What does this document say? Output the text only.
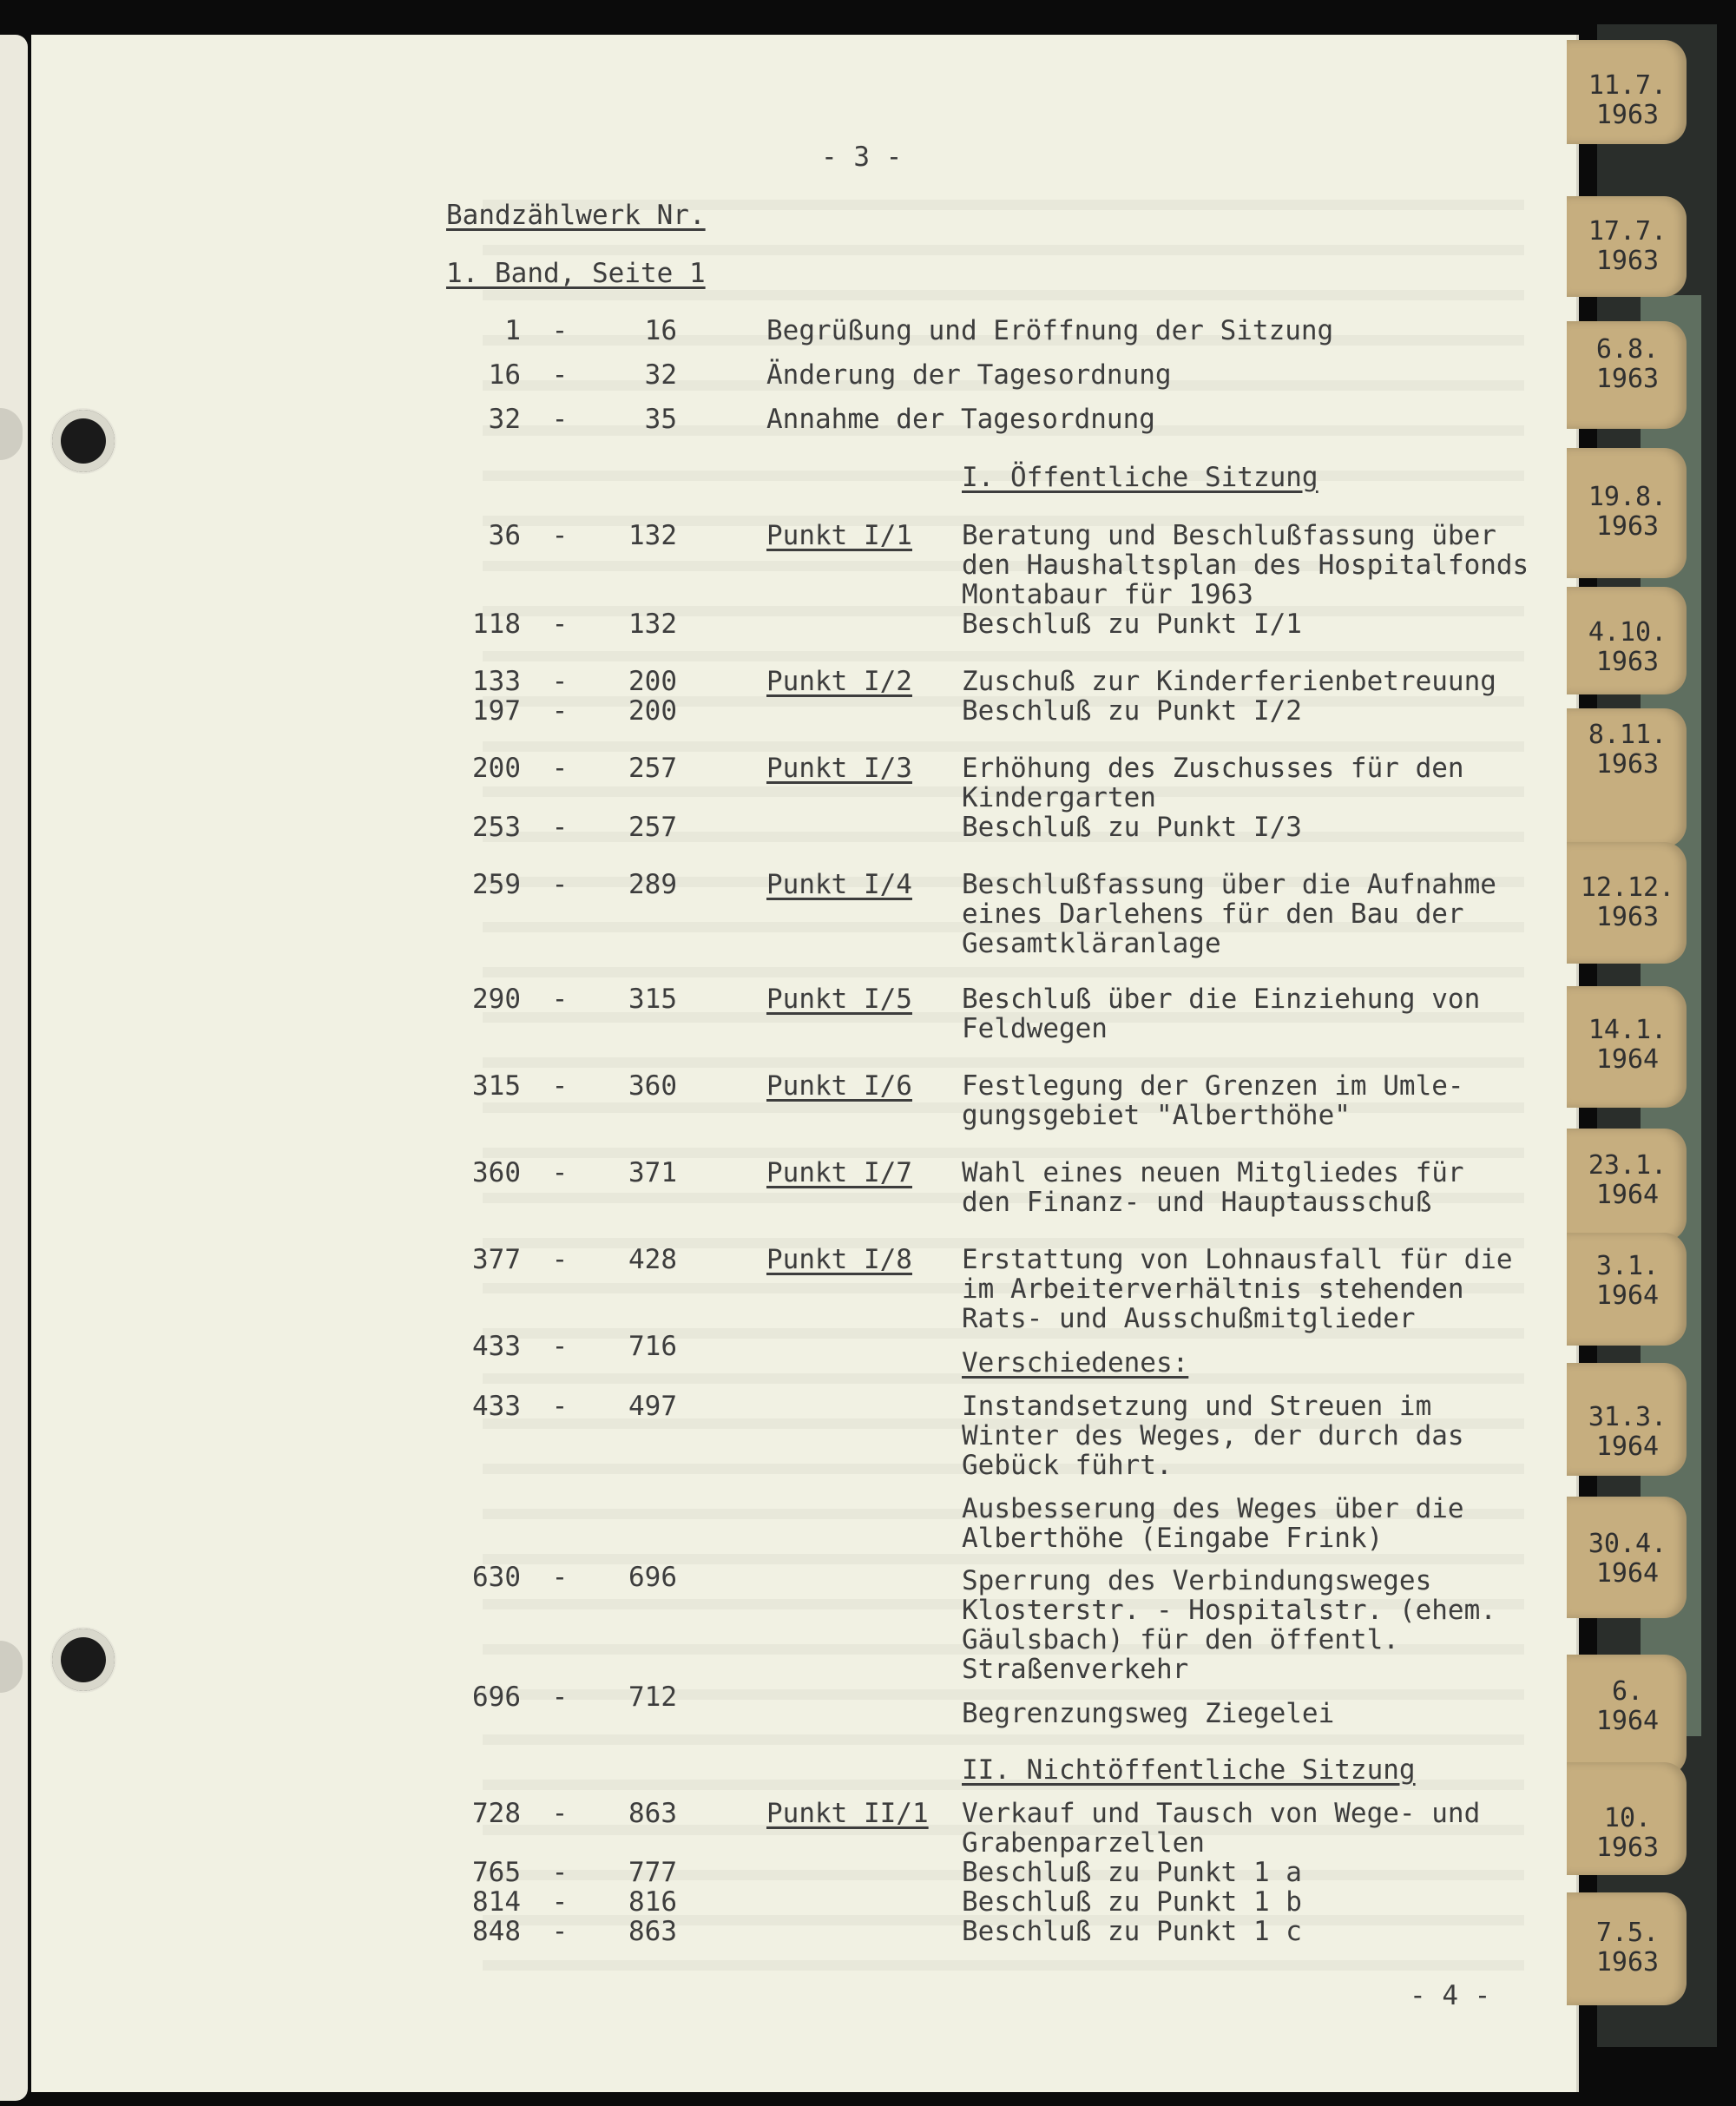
- 3 -
Bandzählwerk Nr.
1. Band, Seite 1
1 -	16	Begrüßung und Eröffnung der Sitzung
16 -	32	Änderung der Tagesordnung
32 -	35	Annahme der Tagesordnung
I. Öffentliche Sitzung
36 -	132	Punkt I/1 Beratung und Beschlußfassung über
den Haushaltsplan des Hospitalfonds
Montabaur für 1963
118 -	132	Beschluß zu Punkt I/1
133 -	200	Punkt I/2 Zuschuß zur Kinderferienbetreuung
197 -	200	Beschluß zu Punkt I/2
200 -	257	Punkt I/3 Erhöhung des Zuschusses für den
Kindergarten
253 -	257	Beschluß zu Punkt I/3
259 -	289	Punkt I/4 Beschlußfassung über die Aufnahme
eines Darlehens für den Bau der
Gesamtkläranlage
290 -	315	Punkt I/5 Beschluß über die Einziehung von
Feldwegen
315 -	360	Punkt I/6 Festlegung der Grenzen im Umle-
gungsgebiet "Alberthöhe"
360 -	371	Punkt I/7 Wahl eines neuen Mitgliedes für
den Finanz- und Hauptausschuß
377 -	428	Punkt I/8 Erstattung von Lohnausfall für die
im Arbeiterverhältnis stehenden
Rats- und Ausschußmitglieder
433 -	716
Verschiedenes:
433 -	497	Instandsetzung und Streuen im
Winter des Weges, der durch das
Gebück führt.
Ausbesserung des Weges über die
Alberthöhe (Eingabe Frink)
630 -	696	Sperrung des Verbindungsweges
Klosterstr. - Hospitalstr. (ehem.
Gäulsbach) für den öffentl.
Straßenverkehr
696 -	712
Begrenzungsweg Ziegelei
II. Nichtöffentliche Sitzung
728 -	863	Punkt II/1 Verkauf und Tausch von Wege- und
Grabenparzellen
765 -	777	Beschluß zu Punkt 1 a
814 -	816	Beschluß zu Punkt 1 b
848 -	863	Beschluß zu Punkt 1 c
- 4 -
11.7.
1963
17.7.
1963
6.8.
1963
19.8.
1963
4.10.
1963
8.11.
1963
12.12.
1963
14.1.
1964
23.1.
1964
3.1.
1964
31.3.
1964
30.4.
1964
6.
1964
10.
1963
7.5.
1963
